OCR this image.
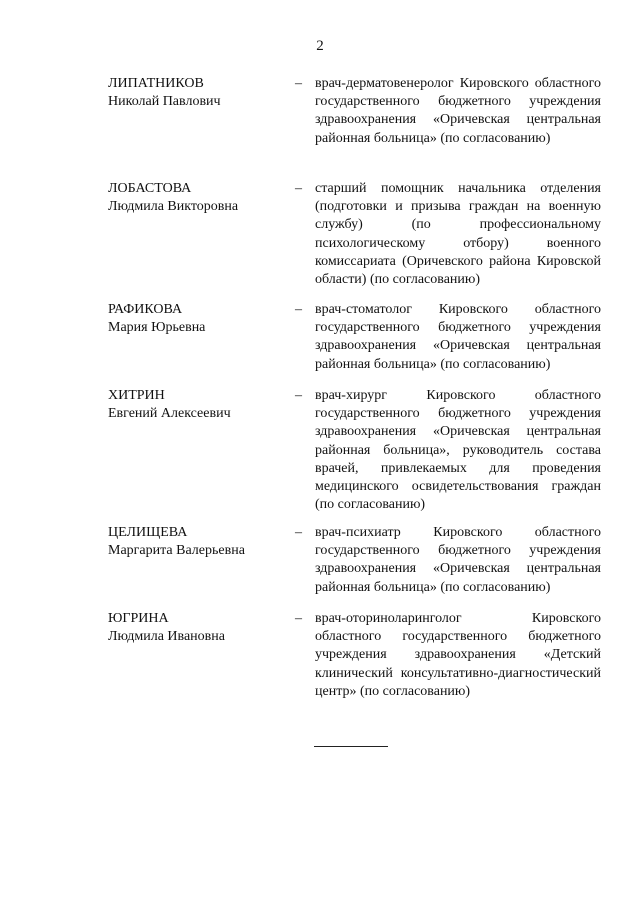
2
ЛИПАТНИКОВ
Николай Павлович
– врач-дерматовенеролог Кировского областного государственного бюджетного учреждения здравоохранения «Оричевская центральная районная больница» (по согласованию)
ЛОБАСТОВА
Людмила Викторовна
– старший помощник начальника отделения (подготовки и призыва граждан на военную службу) (по профессиональному психологическому отбору) военного комиссариата (Оричевского района Кировской области) (по согласованию)
РАФИКОВА
Мария Юрьевна
– врач-стоматолог Кировского областного государственного бюджетного учреждения здравоохранения «Оричевская центральная районная больница» (по согласованию)
ХИТРИН
Евгений Алексеевич
– врач-хирург Кировского областного государственного бюджетного учреждения здравоохранения «Оричевская центральная районная больница», руководитель состава врачей, привлекаемых для проведения медицинского освидетельствования граждан (по согласованию)
ЦЕЛИЩЕВА
Маргарита Валерьевна
– врач-психиатр Кировского областного государственного бюджетного учреждения здравоохранения «Оричевская центральная районная больница» (по согласованию)
ЮГРИНА
Людмила Ивановна
– врач-оториноларинголог Кировского областного государственного бюджетного учреждения здравоохранения «Детский клинический консультативно-диагностический центр» (по согласованию)
